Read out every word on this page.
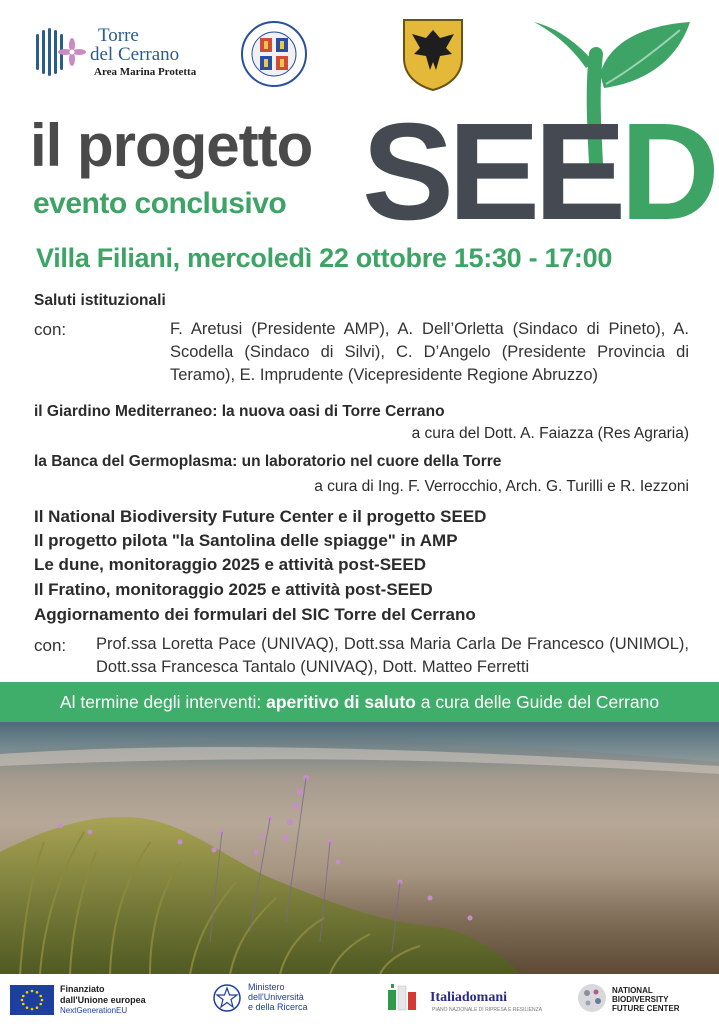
Torre
del Cerrano
Area Marina Protetta
il progetto
evento conclusivo SEED
Villa Filiani, mercoledì 22 ottobre 15:30 - 17:00
Saluti istituzionali
con:	F. Aretusi (Presidente AMP), A. Dell’Orletta (Sindaco di Pineto), A. Scodella (Sindaco di Silvi), C. D’Angelo (Presidente Provincia di Teramo), E. Imprudente (Vicepresidente Regione Abruzzo)
il Giardino Mediterraneo: la nuova oasi di Torre Cerrano
a cura del Dott. A. Faiazza (Res Agraria)
la Banca del Germoplasma: un laboratorio nel cuore della Torre
a cura di Ing. F. Verrocchio, Arch. G. Turilli e R. Iezzoni
Il National Biodiversity Future Center e il progetto SEED
Il progetto pilota "la Santolina delle spiagge" in AMP
Le dune, monitoraggio 2025 e attività post-SEED
Il Fratino, monitoraggio 2025 e attività post-SEED
Aggiornamento dei formulari del SIC Torre del Cerrano
con: Prof.ssa Loretta Pace (UNIVAQ), Dott.ssa Maria Carla De Francesco (UNIMOL), Dott.ssa Francesca Tantalo (UNIVAQ), Dott. Matteo Ferretti
Al termine degli interventi: aperitivo di saluto a cura delle Guide del Cerrano
Finanziato
dall'Unione europea
NextGenerationEU
Ministero
dell'Università
e della Ricerca
Italiadomani
PIANO NAZIONALE DI RIPRESA E RESILIENZA
NATIONAL
BIODIVERSITY
FUTURE CENTER
